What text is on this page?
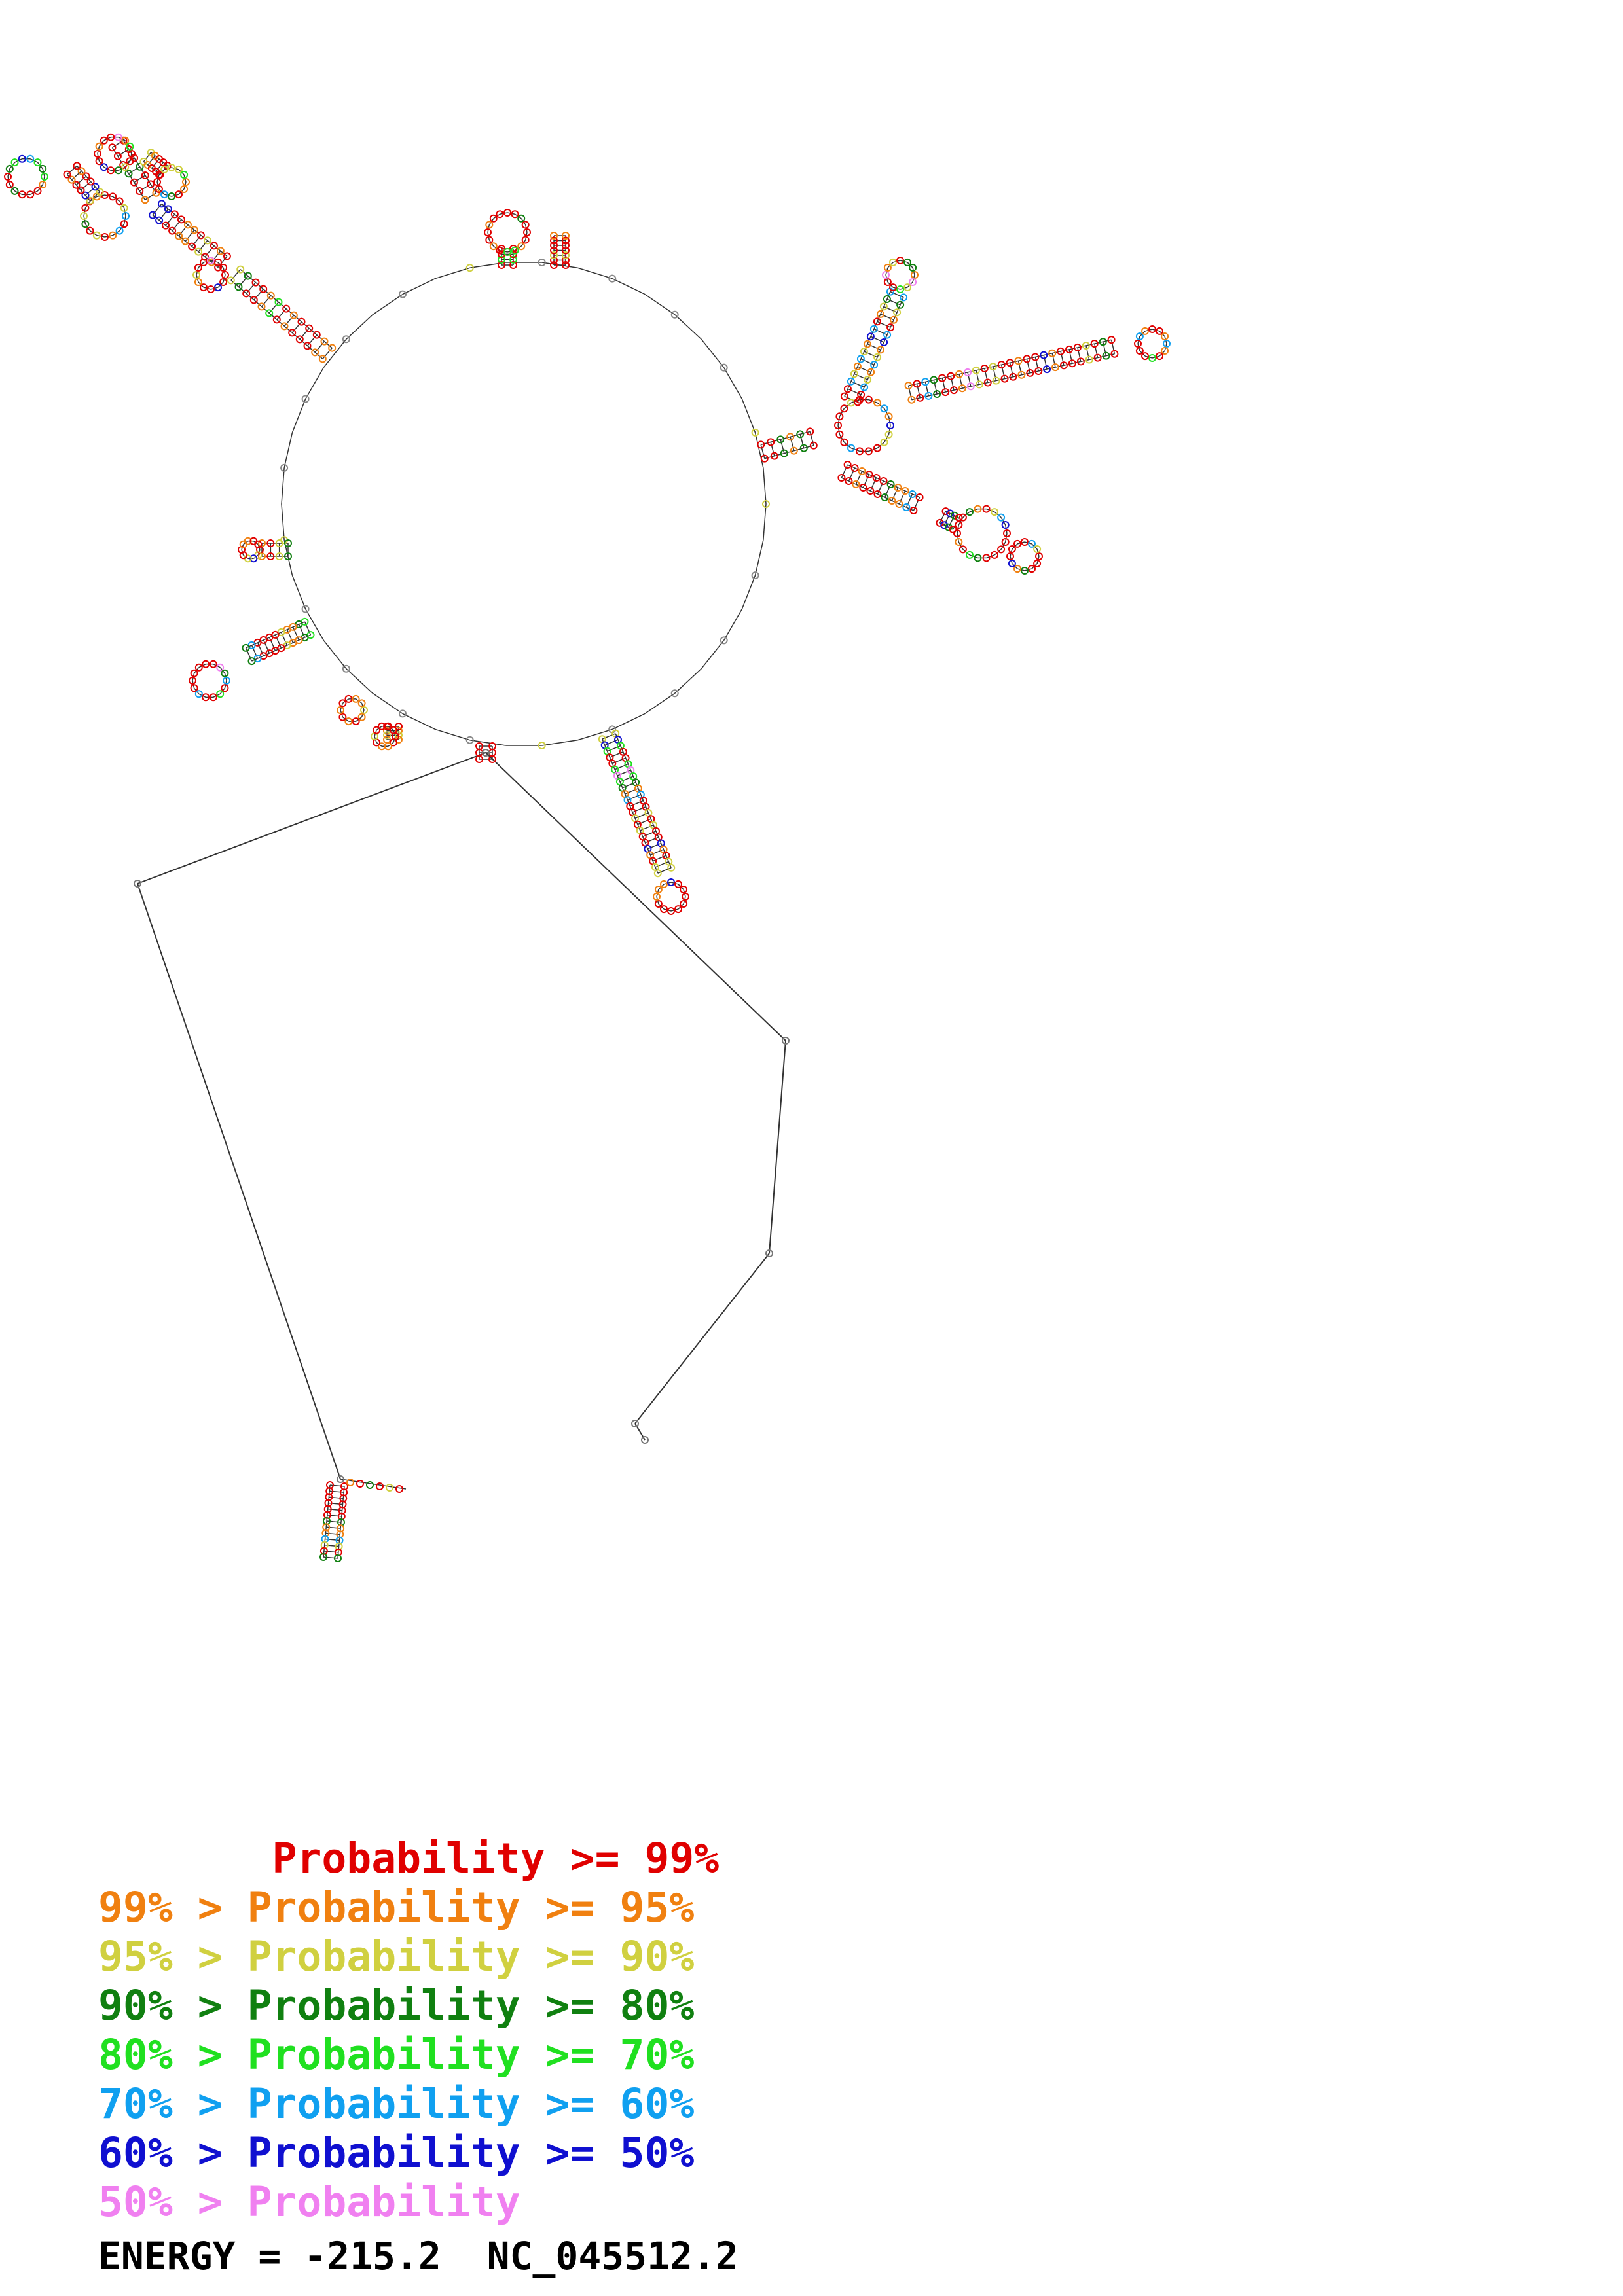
Probability >= 99%
99% > Probability >= 95%
95% > Probability >= 90%
90% > Probability >= 80%
80% > Probability >= 70%
70% > Probability >= 60%
60% > Probability >= 50%
50% > Probability
ENERGY = -215.2 NC_045512.2
